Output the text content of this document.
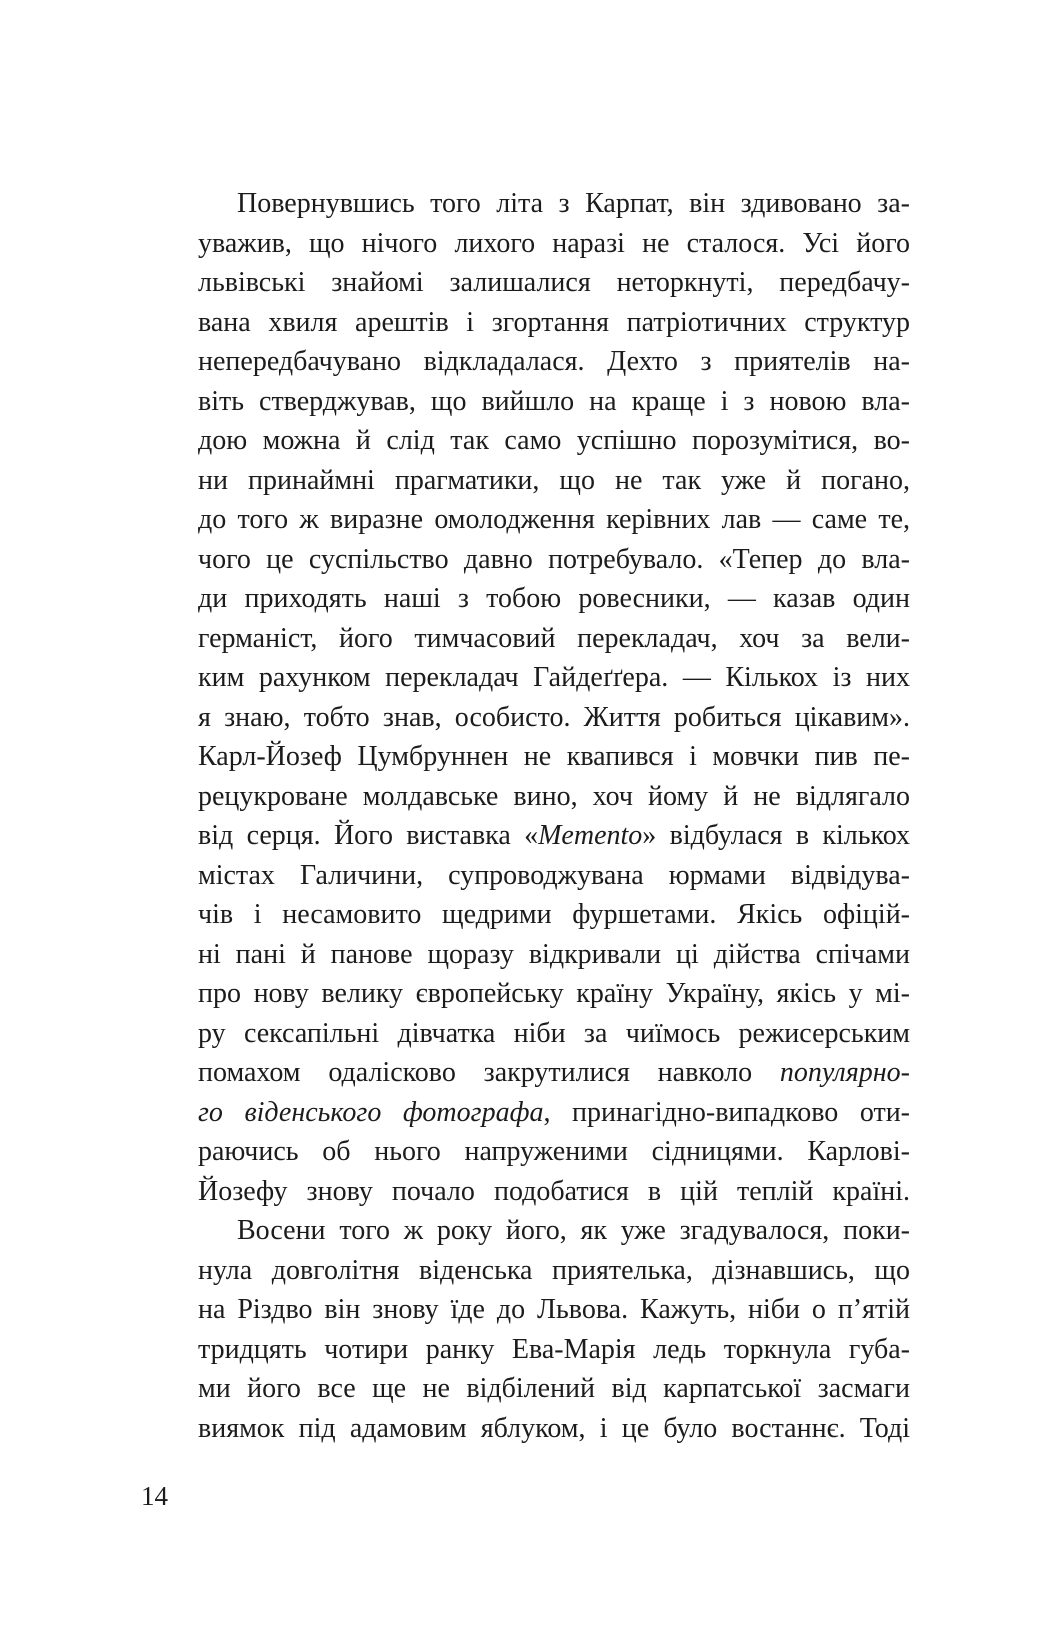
Повернувшись того літа з Карпат, він здивовано за-
уважив, що нічого лихого наразі не сталося. Усі його
львівські знайомі залишалися неторкнуті, передбачу-
вана хвиля арештів і згортання патріотичних структур
непередбачувано відкладалася. Дехто з приятелів на-
віть стверджував, що вийшло на краще і з новою вла-
дою можна й слід так само успішно порозумітися, во-
ни принаймні прагматики, що не так уже й погано,
до того ж виразне омолодження керівних лав — саме те,
чого це суспільство давно потребувало. «Тепер до вла-
ди приходять наші з тобою ровесники, — казав один
германіст, його тимчасовий перекладач, хоч за вели-
ким рахунком перекладач Гайдеґґера. — Кількох із них
я знаю, тобто знав, особисто. Життя робиться цікавим».
Карл-Йозеф Цумбруннен не квапився і мовчки пив пе-
рецукроване молдавське вино, хоч йому й не відлягало
від серця. Його виставка «Memento» відбулася в кількох
містах Галичини, супроводжувана юрмами відвідува-
чів і несамовито щедрими фуршетами. Якісь офіцій-
ні пані й панове щоразу відкривали ці дійства спічами
про нову велику європейську країну Україну, якісь у мі-
ру сексапільні дівчатка ніби за чиїмось режисерським
помахом одалісково закрутилися навколо популярно-
го віденського фотографа, принагідно-випадково оти-
раючись об нього напруженими сідницями. Карлові-
Йозефу знову почало подобатися в цій теплій країні.
Восени того ж року його, як уже згадувалося, поки-
нула довголітня віденська приятелька, дізнавшись, що
на Різдво він знову їде до Львова. Кажуть, ніби о п’ятій
тридцять чотири ранку Ева-Марія ледь торкнула губа-
ми його все ще не відбілений від карпатської засмаги
виямок під адамовим яблуком, і це було востаннє. Тоді
14
